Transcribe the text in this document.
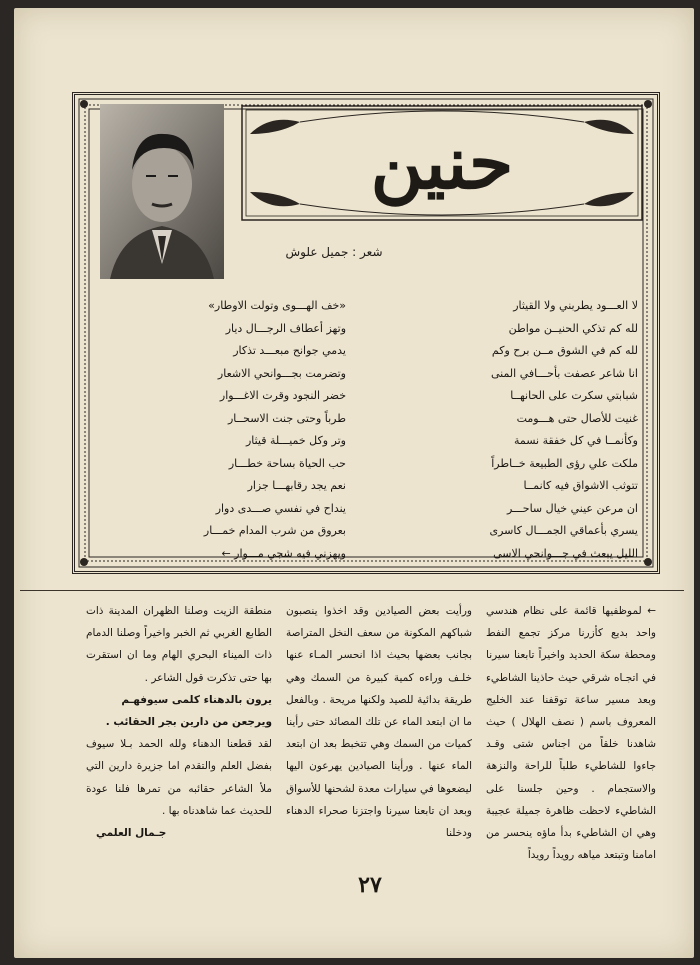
حنين
شعر : جميل علوش
لا العـــود يطربني ولا القيثار
«خف الهـــوى وتولت الاوطار»
لله كم تذكي الحنيــن مواطن
وتهز أعطاف الرجـــال ديار
لله كم في الشوق مــن برح وكم
يدمي جوانح مبعـــد تذكار
انا شاعر عصفت بأحـــافي المنى
وتضرمت بجـــوانحي الاشعار
شبابتي سكرت على الحانهــا
خضر النجود وقرت الاغـــوار
غنيت للأصال حتى هـــومت
طرباً وحتى جنت الاسحــار
وكأنمــا في كل خفقة نسمة
وتر وكل خميـــلة قيثار
ملكت علي رؤى الطبيعة خــاطراً
حب الحياة بساحة خطـــار
تتوثب الاشواق فيه كانمــا
نعم يجد رقابهـــا جزار
ان مرعن عيني خيال ساحـــر
ينداح في نفسي صـــدى دوار
يسري بأعماقي الجمـــال كاسرى
بعروق من شرب المدام خمـــار
الليل يبعث في جـــوانحي الاسى
ويهزني فيه شجي مـــوار ←

← لموظفيها قائمة على نظام هندسي واحد بديع كأزرنا مركز تجمع النفط ومحطة سكة الحديد واخيراً تابعنا سيرنا في اتجـاه شرقي حيث حاذينا الشاطيء وبعد مسير ساعة توقفنا عند الخليج المعروف باسم ( نصف الهلال ) حيث شاهدنا خلقاً من اجناس شتى وقـد جاءوا للشاطيء طلباً للراحة والنزهة والاستجمام . وحين جلسنا على الشاطيء لاحظت ظاهرة جميلة عجيبة وهي ان الشاطيء بدأ ماؤه ينحسر من امامنا وتبتعد مياهه رويداً رويداً

ورأيت بعض الصيادين وقد اخذوا ينصبون شباكهم المكونة من سعف النخل المتراصة بجانب بعضها بحيث اذا انحسر المـاء عنها خلـف وراءه كمية كبيرة من السمك وهي طريقة بدائية للصيد ولكنها مريحة . وبالفعل ما ان ابتعد الماء عن تلك المصائد حتى رأينا كميات من السمك وهي تتخبط بعد ان ابتعد الماء عنها . ورأينا الصيادين يهرعون اليها ليضعوها في سيارات معدة لشحنها للأسواق وبعد ان تابعنا سيرنا واجتزنا صحراء الدهناء ودخلنا

منطقة الزيت وصلنا الظهران المدينة ذات الطابع الغربي ثم الخبر واخيراً وصلنا الدمام ذات الميناء البحري الهام وما ان استقرت بها حتى تذكرت قول الشاعر .

يرون بالدهناء كلمى سيوفهـم

ويرجعن من دارين بجر الحقائب .

لقد قطعنا الدهناء ولله الحمد بـلا سيوف بفضل العلم والتقدم اما جزيرة دارين التي ملأ الشاعر حقائبه من تمرها فلنا عودة للحديث عما شاهدناه بها .

جـمال العلمي

٢٧
